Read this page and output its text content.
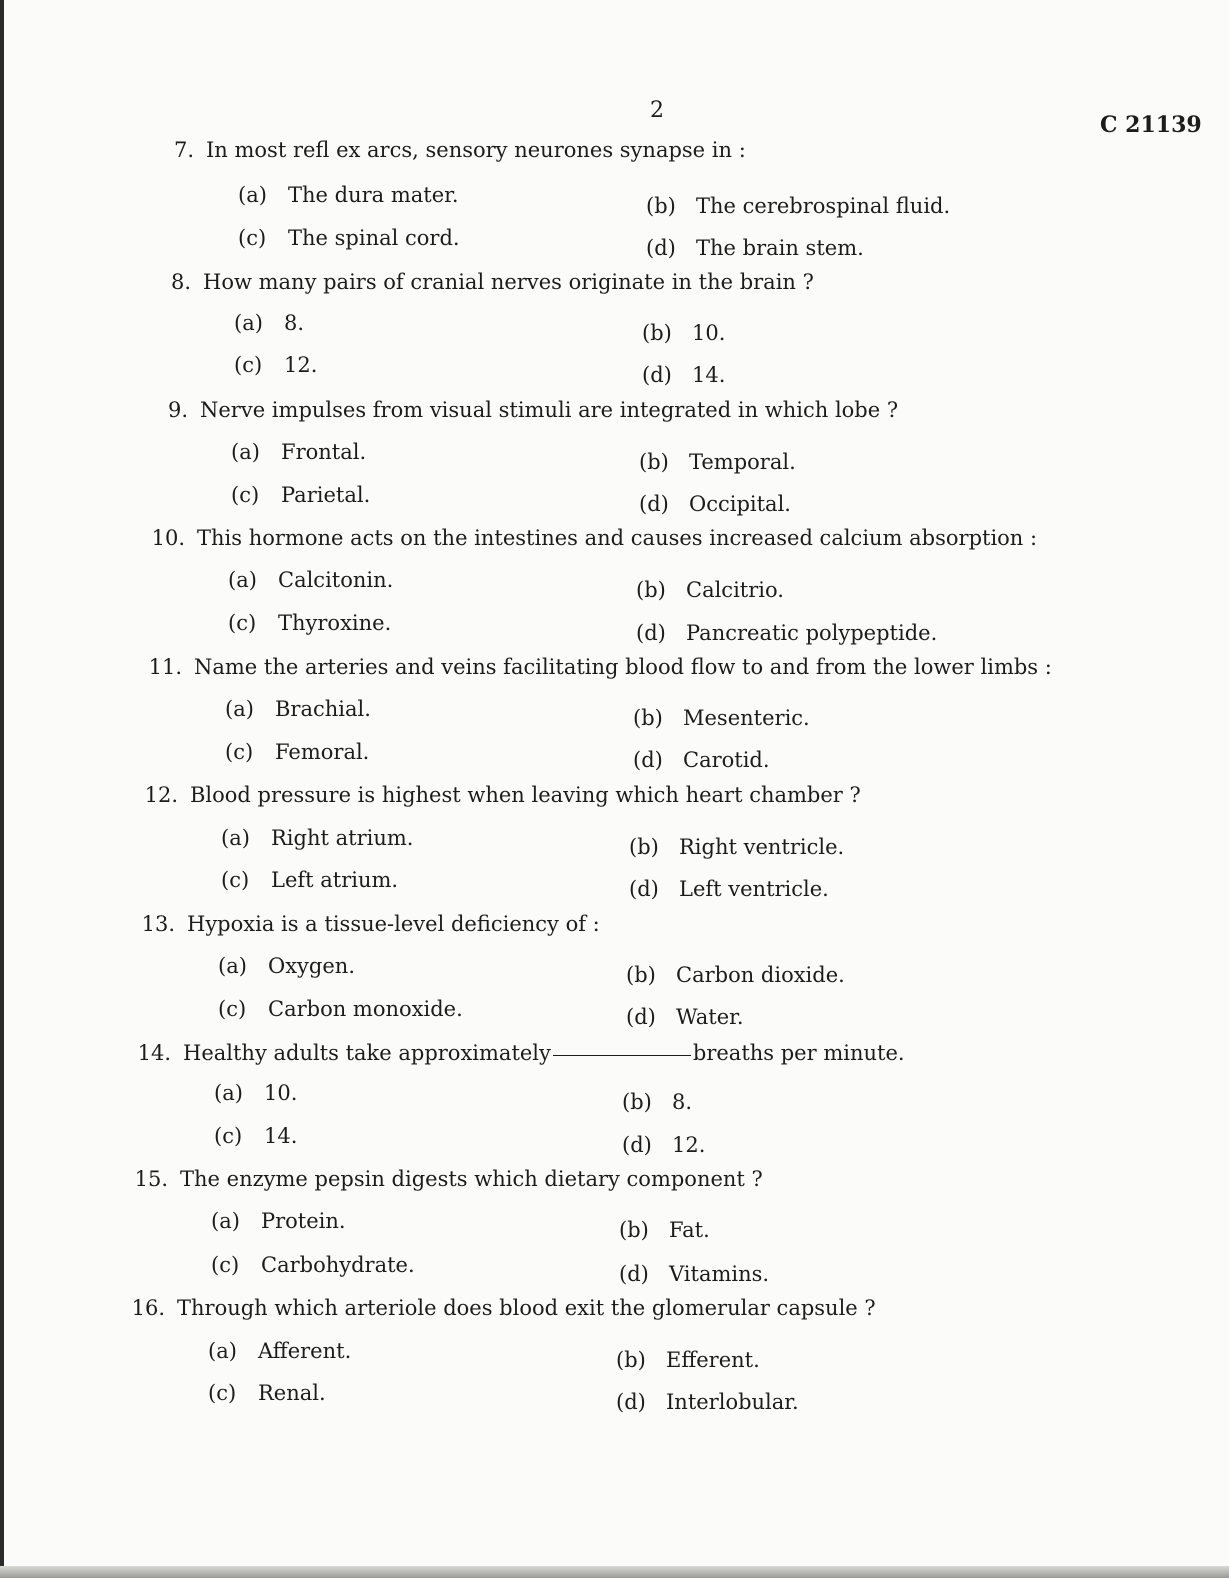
2
C 21139
7. In most refl ex arcs, sensory neurones synapse in :
(a) The dura mater.	(b) The cerebrospinal fluid.
(c) The spinal cord.	(d) The brain stem.
8. How many pairs of cranial nerves originate in the brain ?
(a) 8.	(b) 10.
(c) 12.	(d) 14.
9. Nerve impulses from visual stimuli are integrated in which lobe ?
(a) Frontal.	(b) Temporal.
(c) Parietal.	(d) Occipital.
10. This hormone acts on the intestines and causes increased calcium absorption :
(a) Calcitonin.	(b) Calcitrio.
(c) Thyroxine.	(d) Pancreatic polypeptide.
11. Name the arteries and veins facilitating blood flow to and from the lower limbs :
(a) Brachial.	(b) Mesenteric.
(c) Femoral.	(d) Carotid.
12. Blood pressure is highest when leaving which heart chamber ?
(a) Right atrium.	(b) Right ventricle.
(c) Left atrium.	(d) Left ventricle.
13. Hypoxia is a tissue-level deficiency of :
(a) Oxygen.	(b) Carbon dioxide.
(c) Carbon monoxide.	(d) Water.
14. Healthy adults take approximately	breaths per minute.
(a) 10.	(b) 8.
(c) 14.	(d) 12.
15. The enzyme pepsin digests which dietary component ?
(a) Protein.	(b) Fat.
(c) Carbohydrate.	(d) Vitamins.
16. Through which arteriole does blood exit the glomerular capsule ?
(a) Afferent.	(b) Efferent.
(c) Renal.	(d) Interlobular.
